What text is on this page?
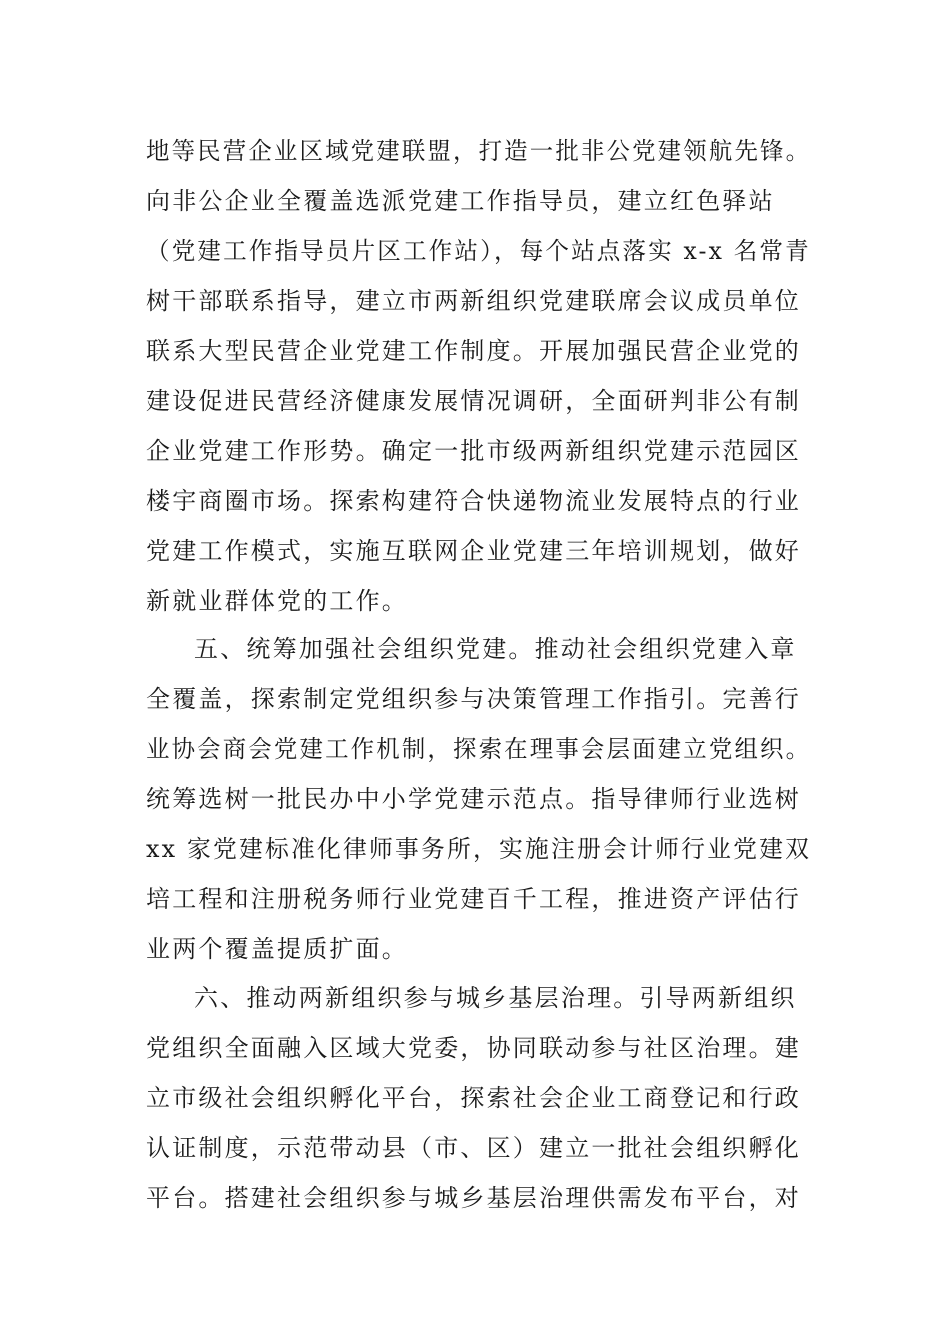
地等民营企业区域党建联盟，打造一批非公党建领航先锋。
向非公企业全覆盖选派党建工作指导员，建立红色驿站
（党建工作指导员片区工作站），每个站点落实 x-x 名常青
树干部联系指导，建立市两新组织党建联席会议成员单位
联系大型民营企业党建工作制度。开展加强民营企业党的
建设促进民营经济健康发展情况调研，全面研判非公有制
企业党建工作形势。确定一批市级两新组织党建示范园区
楼宇商圈市场。探索构建符合快递物流业发展特点的行业
党建工作模式，实施互联网企业党建三年培训规划，做好
新就业群体党的工作。
五、统筹加强社会组织党建。推动社会组织党建入章
全覆盖，探索制定党组织参与决策管理工作指引。完善行
业协会商会党建工作机制，探索在理事会层面建立党组织。
统筹选树一批民办中小学党建示范点。指导律师行业选树
xx 家党建标准化律师事务所，实施注册会计师行业党建双
培工程和注册税务师行业党建百千工程，推进资产评估行
业两个覆盖提质扩面。
六、推动两新组织参与城乡基层治理。引导两新组织
党组织全面融入区域大党委，协同联动参与社区治理。建
立市级社会组织孵化平台，探索社会企业工商登记和行政
认证制度，示范带动县（市、区）建立一批社会组织孵化
平台。搭建社会组织参与城乡基层治理供需发布平台，对
